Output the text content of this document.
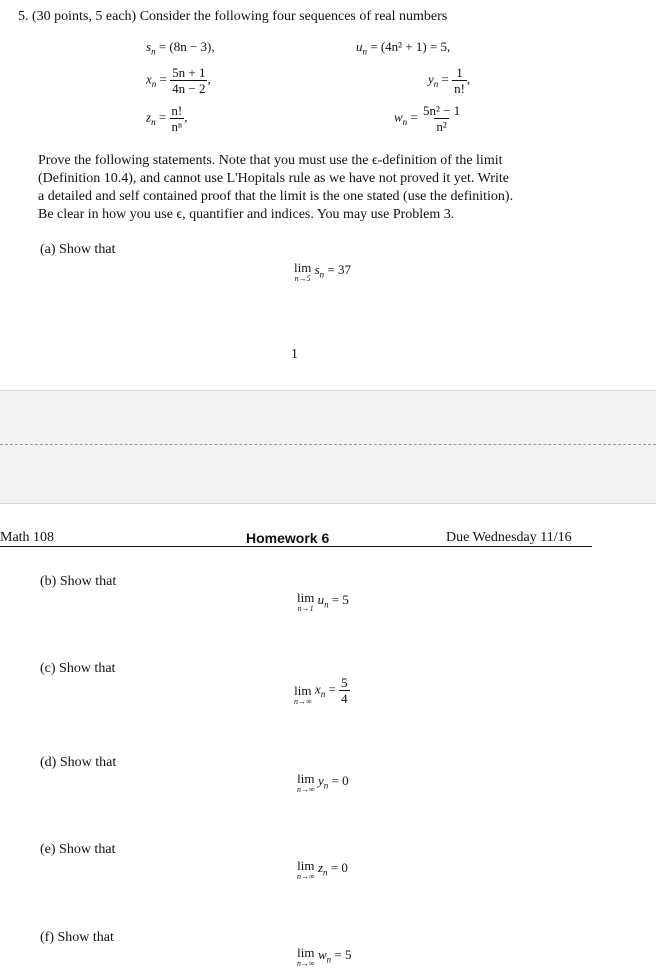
5. (30 points, 5 each) Consider the following four sequences of real numbers
$s_n = (8n - 3)$,
$x_n = \frac{5n + 1}{4n - 2}$ ,
$z_n = \frac{n!}{\text{nⁿ}}$ ,
$u_n = (4n^2 + 1) = 5$,
$y_n = \frac{1}{n!}$ ,
$w_n = \frac{\text{5n² − 1}}{\text{n²}}$
Prove the following statements. Note that you must use the ϵ-definition of the limit
(Definition 10.4), and cannot use L'Hopitals rule as we have not proved it yet. Write
a detailed and self contained proof that the limit is the one stated (use the definition).
Be clear in how you use ϵ, quantifier and indices. You may use Problem 3.
(a) Show that
lim
n→5
$s_n = 37$
1
Math 108	Homework 6	Due Wednesday 11/16
(b) Show that
lim
n→1
$u_n = 5$
(c) Show that
lim
n→∞
$x_n = \frac{5}{4}$
(d) Show that
lim
n→∞
$y_n = 0$
(e) Show that
lim
n→∞
$z_n = 0$
(f) Show that
lim
n→∞
$w_n = 5$
